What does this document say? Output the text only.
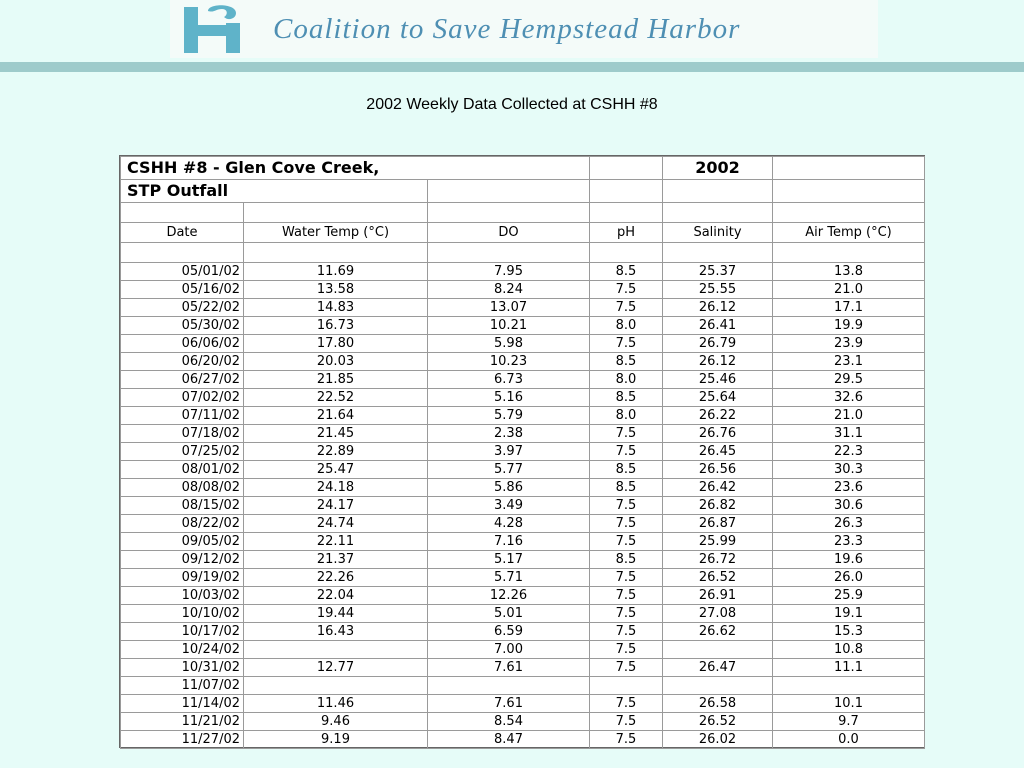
Coalition to Save Hempstead Harbor
2002 Weekly Data Collected at CSHH #8
CSHH #8 - Glen Cove Creek,				2002	
STP Outfall					

Date	Water Temp (°C)	DO	pH	Salinity	Air Temp (°C)

05/01/02	11.69	7.95	8.5	25.37	13.8
05/16/02	13.58	8.24	7.5	25.55	21.0
05/22/02	14.83	13.07	7.5	26.12	17.1
05/30/02	16.73	10.21	8.0	26.41	19.9
06/06/02	17.80	5.98	7.5	26.79	23.9
06/20/02	20.03	10.23	8.5	26.12	23.1
06/27/02	21.85	6.73	8.0	25.46	29.5
07/02/02	22.52	5.16	8.5	25.64	32.6
07/11/02	21.64	5.79	8.0	26.22	21.0
07/18/02	21.45	2.38	7.5	26.76	31.1
07/25/02	22.89	3.97	7.5	26.45	22.3
08/01/02	25.47	5.77	8.5	26.56	30.3
08/08/02	24.18	5.86	8.5	26.42	23.6
08/15/02	24.17	3.49	7.5	26.82	30.6
08/22/02	24.74	4.28	7.5	26.87	26.3
09/05/02	22.11	7.16	7.5	25.99	23.3
09/12/02	21.37	5.17	8.5	26.72	19.6
09/19/02	22.26	5.71	7.5	26.52	26.0
10/03/02	22.04	12.26	7.5	26.91	25.9
10/10/02	19.44	5.01	7.5	27.08	19.1
10/17/02	16.43	6.59	7.5	26.62	15.3
10/24/02		7.00	7.5		10.8
10/31/02	12.77	7.61	7.5	26.47	11.1
11/07/02					
11/14/02	11.46	7.61	7.5	26.58	10.1
11/21/02	9.46	8.54	7.5	26.52	9.7
11/27/02	9.19	8.47	7.5	26.02	0.0
